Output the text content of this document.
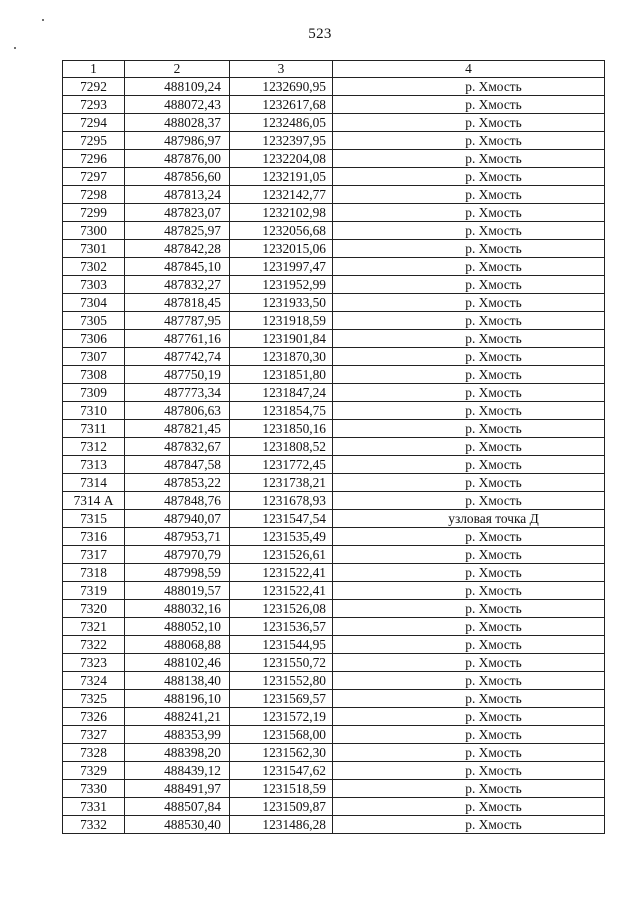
523
1	2	3	4
7292	488109,24	1232690,95	р. Хмость
7293	488072,43	1232617,68	р. Хмость
7294	488028,37	1232486,05	р. Хмость
7295	487986,97	1232397,95	р. Хмость
7296	487876,00	1232204,08	р. Хмость
7297	487856,60	1232191,05	р. Хмость
7298	487813,24	1232142,77	р. Хмость
7299	487823,07	1232102,98	р. Хмость
7300	487825,97	1232056,68	р. Хмость
7301	487842,28	1232015,06	р. Хмость
7302	487845,10	1231997,47	р. Хмость
7303	487832,27	1231952,99	р. Хмость
7304	487818,45	1231933,50	р. Хмость
7305	487787,95	1231918,59	р. Хмость
7306	487761,16	1231901,84	р. Хмость
7307	487742,74	1231870,30	р. Хмость
7308	487750,19	1231851,80	р. Хмость
7309	487773,34	1231847,24	р. Хмость
7310	487806,63	1231854,75	р. Хмость
7311	487821,45	1231850,16	р. Хмость
7312	487832,67	1231808,52	р. Хмость
7313	487847,58	1231772,45	р. Хмость
7314	487853,22	1231738,21	р. Хмость
7314 А	487848,76	1231678,93	р. Хмость
7315	487940,07	1231547,54	узловая точка Д
7316	487953,71	1231535,49	р. Хмость
7317	487970,79	1231526,61	р. Хмость
7318	487998,59	1231522,41	р. Хмость
7319	488019,57	1231522,41	р. Хмость
7320	488032,16	1231526,08	р. Хмость
7321	488052,10	1231536,57	р. Хмость
7322	488068,88	1231544,95	р. Хмость
7323	488102,46	1231550,72	р. Хмость
7324	488138,40	1231552,80	р. Хмость
7325	488196,10	1231569,57	р. Хмость
7326	488241,21	1231572,19	р. Хмость
7327	488353,99	1231568,00	р. Хмость
7328	488398,20	1231562,30	р. Хмость
7329	488439,12	1231547,62	р. Хмость
7330	488491,97	1231518,59	р. Хмость
7331	488507,84	1231509,87	р. Хмость
7332	488530,40	1231486,28	р. Хмость
